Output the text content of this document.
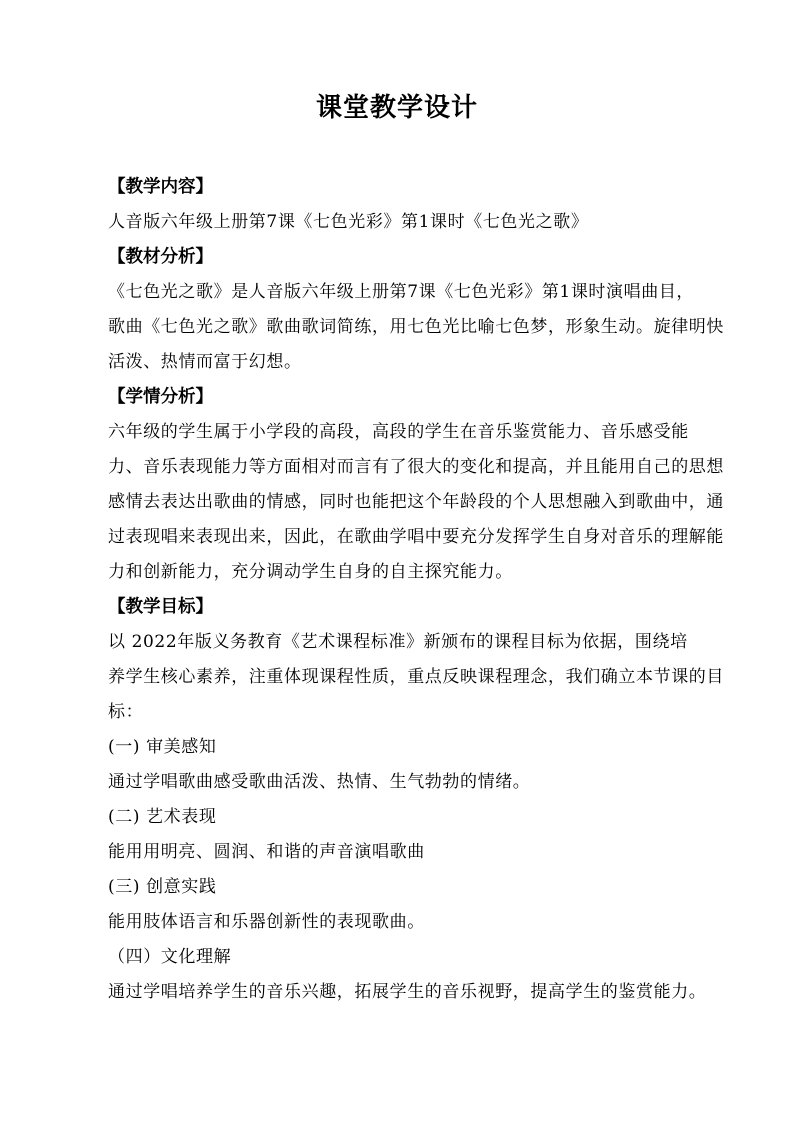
课堂教学设计

【教学内容】

人音版六年级上册第7课《七色光彩》第1课时《七色光之歌》

【教材分析】

《七色光之歌》是人音版六年级上册第7课《七色光彩》第1课时演唱曲目，

歌曲《七色光之歌》歌曲歌词简练，用七色光比喻七色梦，形象生动。旋律明快

活泼、热情而富于幻想。

【学情分析】

六年级的学生属于小学段的高段，高段的学生在音乐鉴赏能力、音乐感受能

力、音乐表现能力等方面相对而言有了很大的变化和提高，并且能用自己的思想

感情去表达出歌曲的情感，同时也能把这个年龄段的个人思想融入到歌曲中，通

过表现唱来表现出来，因此，在歌曲学唱中要充分发挥学生自身对音乐的理解能

力和创新能力，充分调动学生自身的自主探究能力。

【教学目标】

以 2022年版义务教育《艺术课程标准》新颁布的课程目标为依据，围绕培

养学生核心素养，注重体现课程性质，重点反映课程理念，我们确立本节课的目

标：

(一) 审美感知

通过学唱歌曲感受歌曲活泼、热情、生气勃勃的情绪。

(二) 艺术表现

能用用明亮、圆润、和谐的声音演唱歌曲

(三) 创意实践

能用肢体语言和乐器创新性的表现歌曲。

（四）文化理解

通过学唱培养学生的音乐兴趣，拓展学生的音乐视野，提高学生的鉴赏能力。
